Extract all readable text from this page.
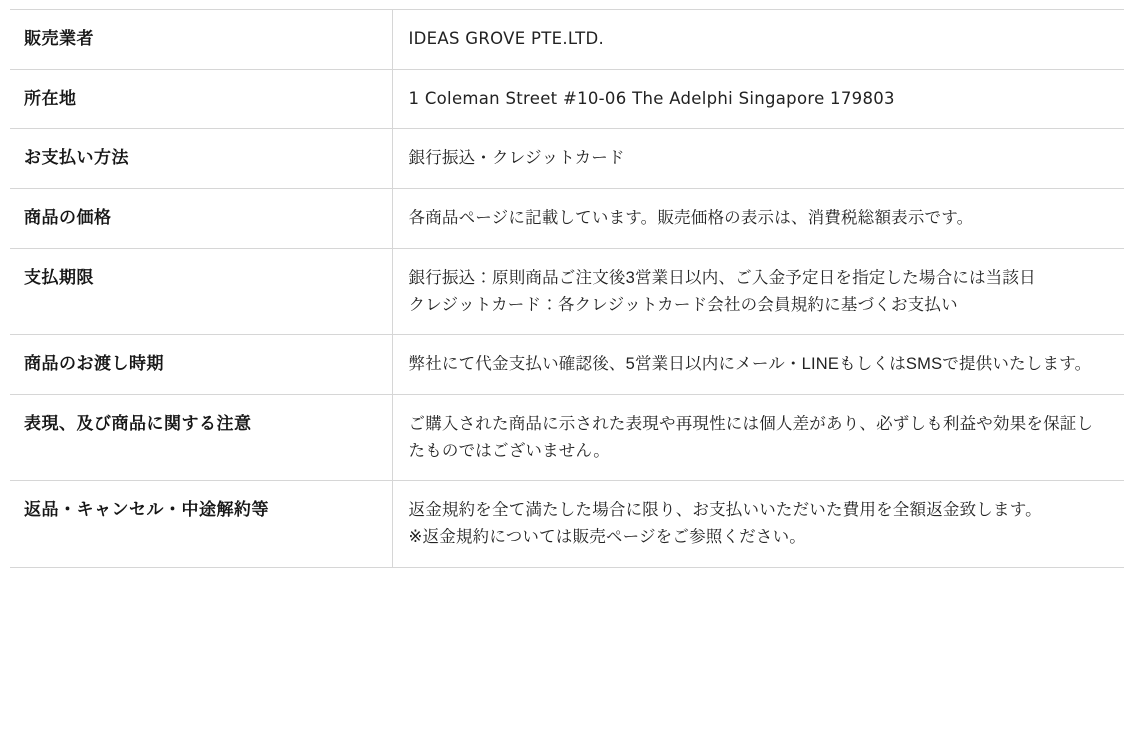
販売業者	IDEAS GROVE PTE.LTD.

所在地	1 Coleman Street #10-06 The Adelphi Singapore 179803

お支払い方法	銀行振込・クレジットカード

商品の価格	各商品ページに記載しています。販売価格の表示は、消費税総額表示です。

支払期限	銀行振込：原則商品ご注文後3営業日以内、ご入金予定日を指定した場合には当該日
クレジットカード：各クレジットカード会社の会員規約に基づくお支払い

商品のお渡し時期	弊社にて代金支払い確認後、5営業日以内にメール・LINEもしくはSMSで提供いたします。

表現、及び商品に関する注意	ご購入された商品に示された表現や再現性には個人差があり、必ずしも利益や効果を保証したものではございません。

返品・キャンセル・中途解約等	返金規約を全て満たした場合に限り、お支払いいただいた費用を全額返金致します。
※返金規約については販売ページをご参照ください。
